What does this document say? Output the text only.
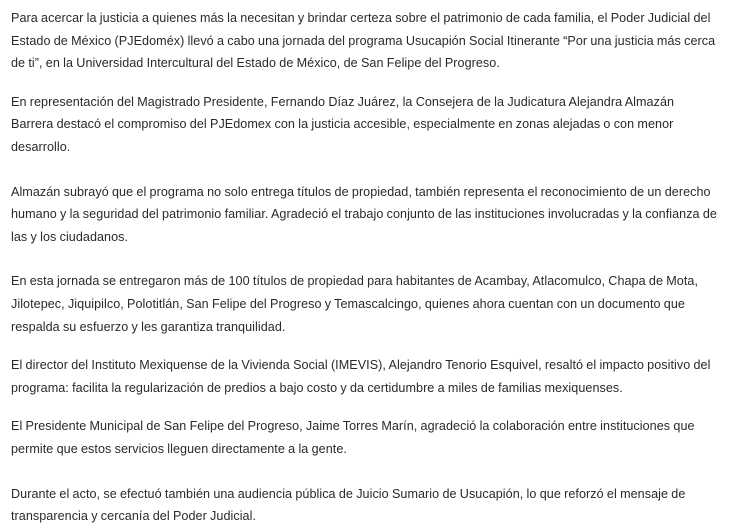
Para acercar la justicia a quienes más la necesitan y brindar certeza sobre el patrimonio de cada familia, el Poder Judicial del Estado de México (PJEdoméx) llevó a cabo una jornada del programa Usucapión Social Itinerante “Por una justicia más cerca de ti”, en la Universidad Intercultural del Estado de México, de San Felipe del Progreso.

En representación del Magistrado Presidente, Fernando Díaz Juárez, la Consejera de la Judicatura Alejandra Almazán Barrera destacó el compromiso del PJEdomex con la justicia accesible, especialmente en zonas alejadas o con menor desarrollo.

Almazán subrayó que el programa no solo entrega títulos de propiedad, también representa el reconocimiento de un derecho humano y la seguridad del patrimonio familiar. Agradeció el trabajo conjunto de las instituciones involucradas y la confianza de las y los ciudadanos.

En esta jornada se entregaron más de 100 títulos de propiedad para habitantes de Acambay, Atlacomulco, Chapa de Mota, Jilotepec, Jiquipilco, Polotitlán, San Felipe del Progreso y Temascalcingo, quienes ahora cuentan con un documento que respalda su esfuerzo y les garantiza tranquilidad.

El director del Instituto Mexiquense de la Vivienda Social (IMEVIS), Alejandro Tenorio Esquivel, resaltó el impacto positivo del programa: facilita la regularización de predios a bajo costo y da certidumbre a miles de familias mexiquenses.

El Presidente Municipal de San Felipe del Progreso, Jaime Torres Marín, agradeció la colaboración entre instituciones que permite que estos servicios lleguen directamente a la gente.

Durante el acto, se efectuó también una audiencia pública de Juicio Sumario de Usucapión, lo que reforzó el mensaje de transparencia y cercanía del Poder Judicial.
